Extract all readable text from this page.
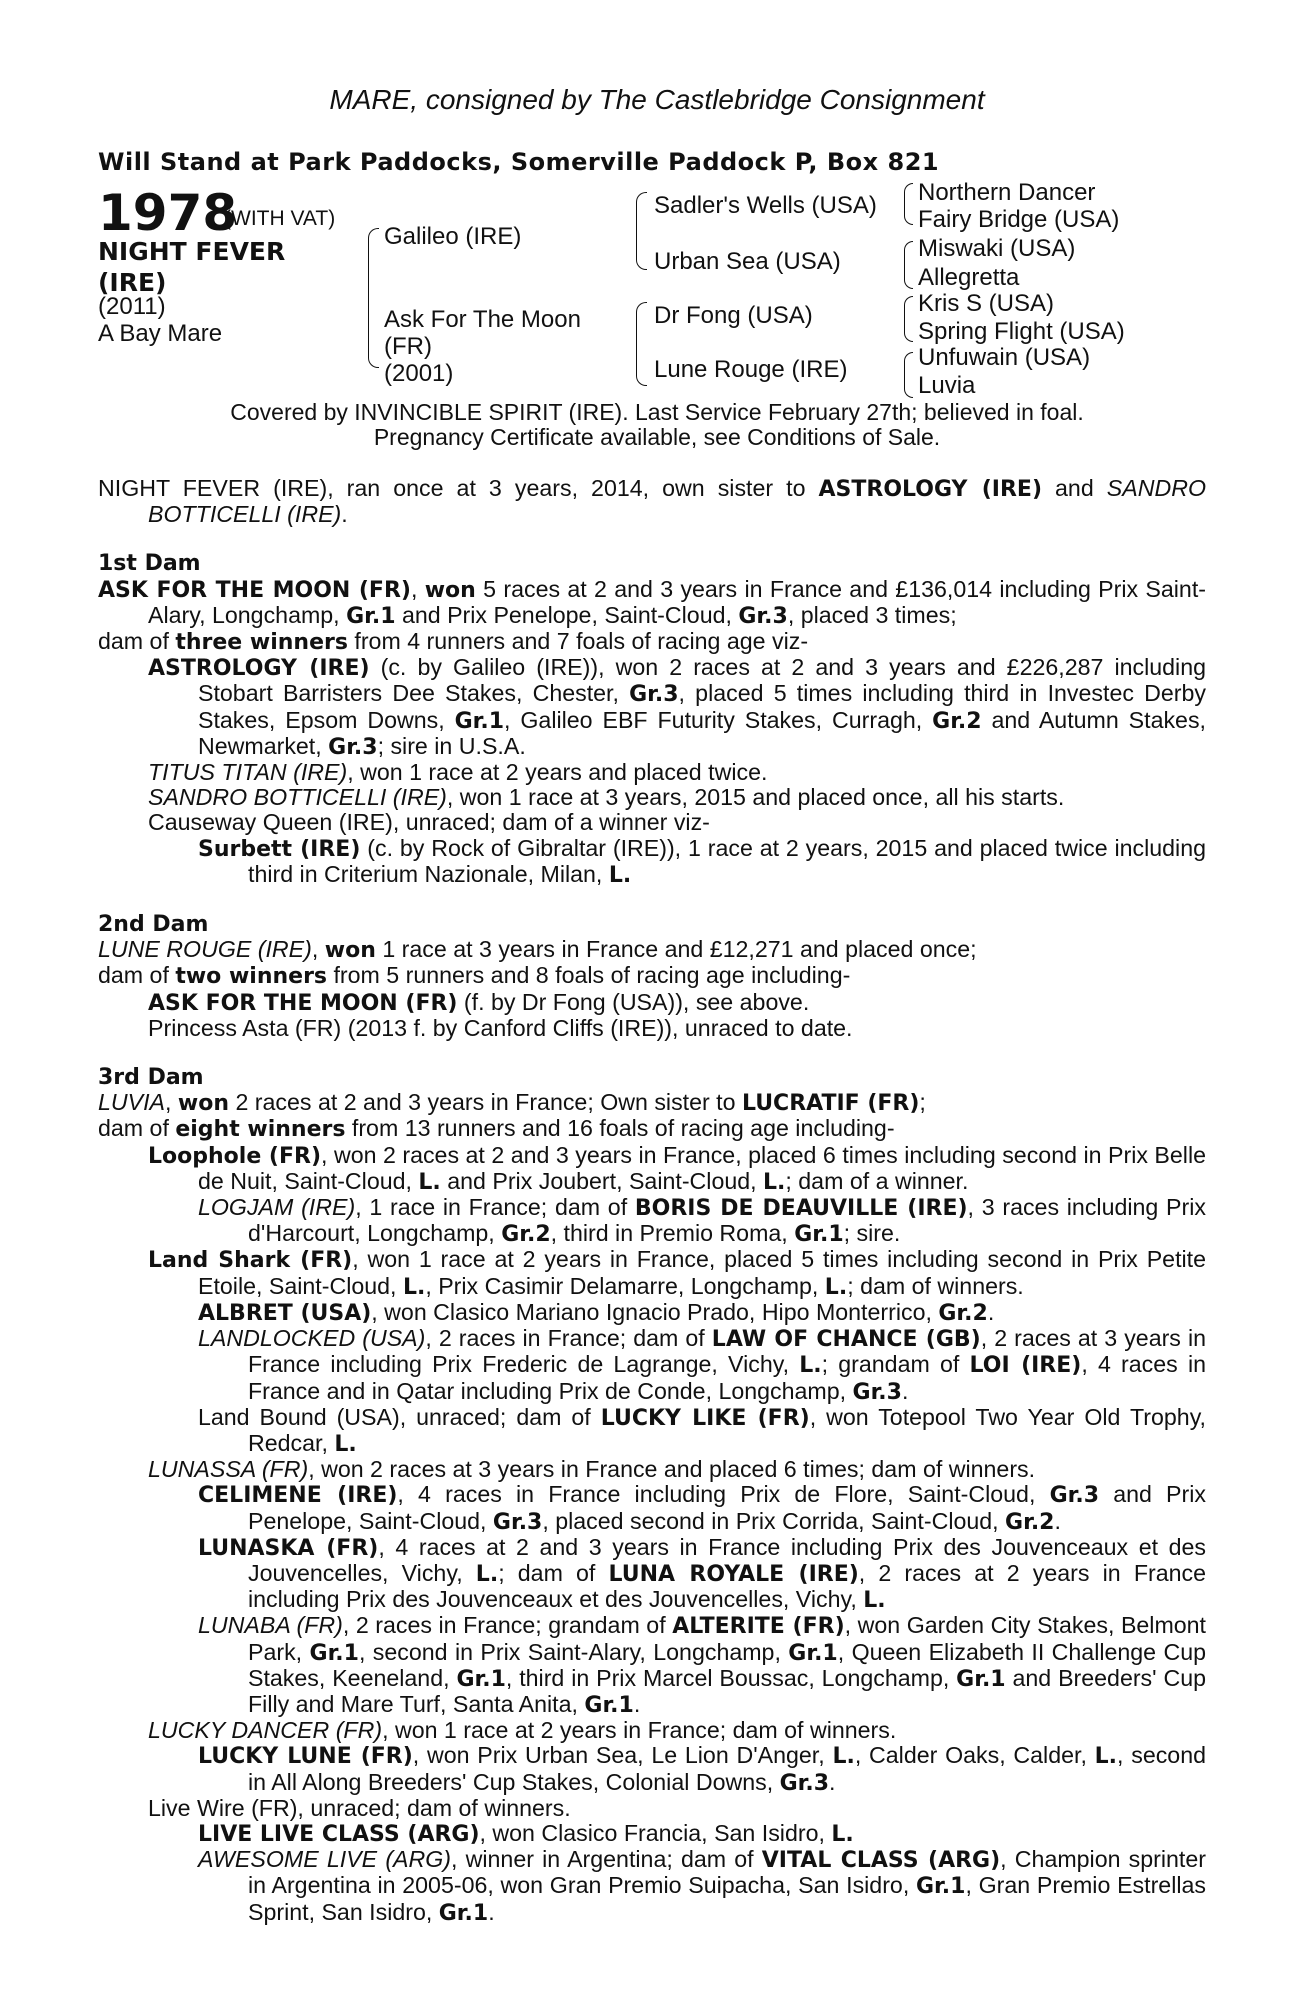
MARE, consigned by The Castlebridge Consignment
Will Stand at Park Paddocks, Somerville Paddock P, Box 821
1978
(WITH VAT)
NIGHT FEVER (IRE)
(2011)
A Bay Mare
Galileo (IRE)
Ask For The Moon
(FR)
(2001)
Sadler's Wells (USA)
Urban Sea (USA)
Dr Fong (USA)
Lune Rouge (IRE)
Northern Dancer
Fairy Bridge (USA)
Miswaki (USA)
Allegretta
Kris S (USA)
Spring Flight (USA)
Unfuwain (USA)
Luvia
Covered by INVINCIBLE SPIRIT (IRE). Last Service February 27th; believed in foal.
Pregnancy Certificate available, see Conditions of Sale.

NIGHT FEVER (IRE), ran once at 3 years, 2014, own sister to ASTROLOGY (IRE) and SANDRO BOTTICELLI (IRE).

1st Dam

ASK FOR THE MOON (FR), won 5 races at 2 and 3 years in France and £136,014 including Prix Saint-Alary, Longchamp, Gr.1 and Prix Penelope, Saint-Cloud, Gr.3, placed 3 times;

dam of three winners from 4 runners and 7 foals of racing age viz-

ASTROLOGY (IRE) (c. by Galileo (IRE)), won 2 races at 2 and 3 years and £226,287 including Stobart Barristers Dee Stakes, Chester, Gr.3, placed 5 times including third in Investec Derby Stakes, Epsom Downs, Gr.1, Galileo EBF Futurity Stakes, Curragh, Gr.2 and Autumn Stakes, Newmarket, Gr.3; sire in U.S.A.

TITUS TITAN (IRE), won 1 race at 2 years and placed twice.

SANDRO BOTTICELLI (IRE), won 1 race at 3 years, 2015 and placed once, all his starts.

Causeway Queen (IRE), unraced; dam of a winner viz-

Surbett (IRE) (c. by Rock of Gibraltar (IRE)), 1 race at 2 years, 2015 and placed twice including third in Criterium Nazionale, Milan, L.

2nd Dam

LUNE ROUGE (IRE), won 1 race at 3 years in France and £12,271 and placed once;

dam of two winners from 5 runners and 8 foals of racing age including-

ASK FOR THE MOON (FR) (f. by Dr Fong (USA)), see above.

Princess Asta (FR) (2013 f. by Canford Cliffs (IRE)), unraced to date.

3rd Dam

LUVIA, won 2 races at 2 and 3 years in France; Own sister to LUCRATIF (FR);

dam of eight winners from 13 runners and 16 foals of racing age including-

Loophole (FR), won 2 races at 2 and 3 years in France, placed 6 times including second in Prix Belle de Nuit, Saint-Cloud, L. and Prix Joubert, Saint-Cloud, L.; dam of a winner.

LOGJAM (IRE), 1 race in France; dam of BORIS DE DEAUVILLE (IRE), 3 races including Prix d'Harcourt, Longchamp, Gr.2, third in Premio Roma, Gr.1; sire.

Land Shark (FR), won 1 race at 2 years in France, placed 5 times including second in Prix Petite Etoile, Saint-Cloud, L., Prix Casimir Delamarre, Longchamp, L.; dam of winners.

ALBRET (USA), won Clasico Mariano Ignacio Prado, Hipo Monterrico, Gr.2.

LANDLOCKED (USA), 2 races in France; dam of LAW OF CHANCE (GB), 2 races at 3 years in France including Prix Frederic de Lagrange, Vichy, L.; grandam of LOI (IRE), 4 races in France and in Qatar including Prix de Conde, Longchamp, Gr.3.

Land Bound (USA), unraced; dam of LUCKY LIKE (FR), won Totepool Two Year Old Trophy, Redcar, L.

LUNASSA (FR), won 2 races at 3 years in France and placed 6 times; dam of winners.

CELIMENE (IRE), 4 races in France including Prix de Flore, Saint-Cloud, Gr.3 and Prix Penelope, Saint-Cloud, Gr.3, placed second in Prix Corrida, Saint-Cloud, Gr.2.

LUNASKA (FR), 4 races at 2 and 3 years in France including Prix des Jouvenceaux et des Jouvencelles, Vichy, L.; dam of LUNA ROYALE (IRE), 2 races at 2 years in France including Prix des Jouvenceaux et des Jouvencelles, Vichy, L.

LUNABA (FR), 2 races in France; grandam of ALTERITE (FR), won Garden City Stakes, Belmont Park, Gr.1, second in Prix Saint-Alary, Longchamp, Gr.1, Queen Elizabeth II Challenge Cup Stakes, Keeneland, Gr.1, third in Prix Marcel Boussac, Longchamp, Gr.1 and Breeders' Cup Filly and Mare Turf, Santa Anita, Gr.1.

LUCKY DANCER (FR), won 1 race at 2 years in France; dam of winners.

LUCKY LUNE (FR), won Prix Urban Sea, Le Lion D'Anger, L., Calder Oaks, Calder, L., second in All Along Breeders' Cup Stakes, Colonial Downs, Gr.3.

Live Wire (FR), unraced; dam of winners.

LIVE LIVE CLASS (ARG), won Clasico Francia, San Isidro, L.

AWESOME LIVE (ARG), winner in Argentina; dam of VITAL CLASS (ARG), Champion sprinter in Argentina in 2005-06, won Gran Premio Suipacha, San Isidro, Gr.1, Gran Premio Estrellas Sprint, San Isidro, Gr.1.
